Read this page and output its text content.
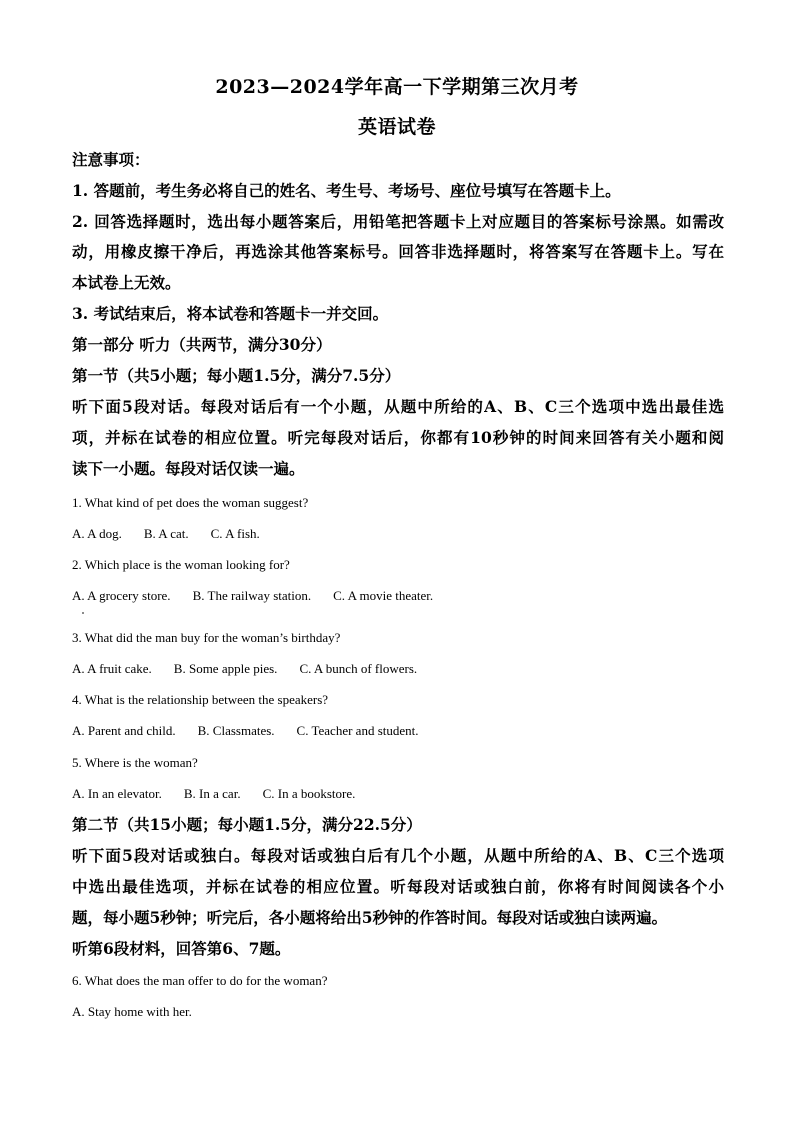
2023—2024学年高一下学期第三次月考
英语试卷
注意事项：
1. 答题前，考生务必将自己的姓名、考生号、考场号、座位号填写在答题卡上。
2. 回答选择题时，选出每小题答案后，用铅笔把答题卡上对应题目的答案标号涂黑。如需改
动，用橡皮擦干净后，再选涂其他答案标号。回答非选择题时，将答案写在答题卡上。写在
本试卷上无效。
3. 考试结束后，将本试卷和答题卡一并交回。
第一部分 听力（共两节，满分30分）
第一节（共5小题；每小题1.5分，满分7.5分）
听下面5段对话。每段对话后有一个小题，从题中所给的A、B、C三个选项中选出最佳选
项，并标在试卷的相应位置。听完每段对话后，你都有10秒钟的时间来回答有关小题和阅
读下一小题。每段对话仅读一遍。
1. What kind of pet does the woman suggest?
A. A dog. B. A cat. C. A fish.
2. Which place is the woman looking for?
A. A grocery store. B. The railway station. C. A movie theater.
3. What did the man buy for the woman’s birthday?
A. A fruit cake. B. Some apple pies. C. A bunch of flowers.
4. What is the relationship between the speakers?
A. Parent and child. B. Classmates. C. Teacher and student.
5. Where is the woman?
A. In an elevator. B. In a car. C. In a bookstore.
第二节（共15小题；每小题1.5分，满分22.5分）
听下面5段对话或独白。每段对话或独白后有几个小题，从题中所给的A、B、C三个选项
中选出最佳选项，并标在试卷的相应位置。听每段对话或独白前，你将有时间阅读各个小
题，每小题5秒钟；听完后，各小题将给出5秒钟的作答时间。每段对话或独白读两遍。
听第6段材料，回答第6、7题。
6. What does the man offer to do for the woman?
A. Stay home with her.
